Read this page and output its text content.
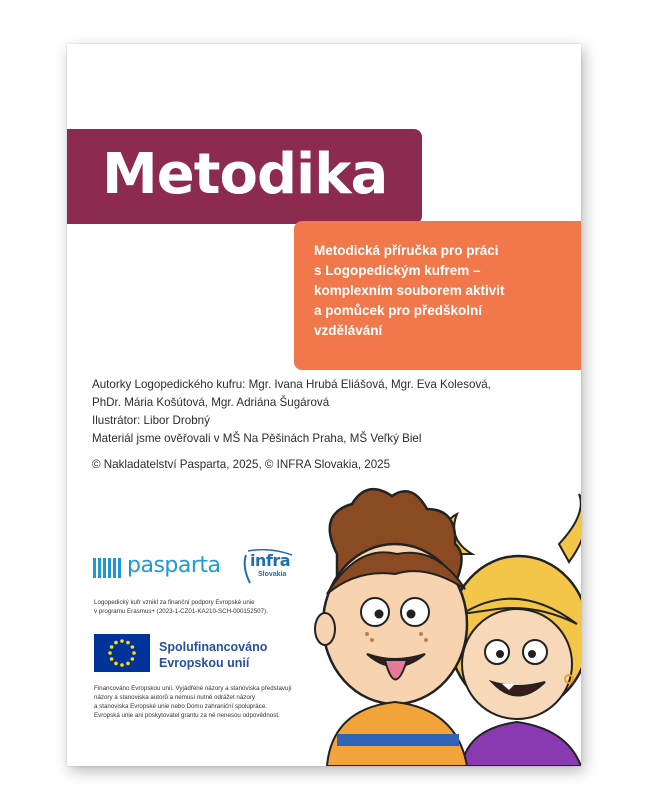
Metodika
Metodická příručka pro práci
s Logopedickým kufrem –
komplexním souborem aktivit
a pomůcek pro předškolní
vzdělávání
Autorky Logopedického kufru: Mgr. Ivana Hrubá Eliášová, Mgr. Eva Kolesová,
PhDr. Mária Košútová, Mgr. Adriána Šugárová
Ilustrátor: Libor Drobný
Materiál jsme ověřovali v MŠ Na Pěšinách Praha, MŠ Veľký Biel
© Nakladatelství Pasparta, 2025, © INFRA Slovakia, 2025
pasparta infra
Slovakia
Logopedický kufr vznikl za finanční podpory Evropské unie
v programu Erasmus+ (2023-1-CZ01-KA210-SCH-000152507).
Spolufinancováno
Evropskou unií
Financováno Evropskou unií. Vyjádřené názory a stanoviska představují
názory a stanoviska autorů a nemusí nutně odrážet názory
a stanoviska Evropské unie nebo Domu zahraniční spolupráce.
Evropská unie ani poskytovatel grantu za ně nenesou odpovědnost.
